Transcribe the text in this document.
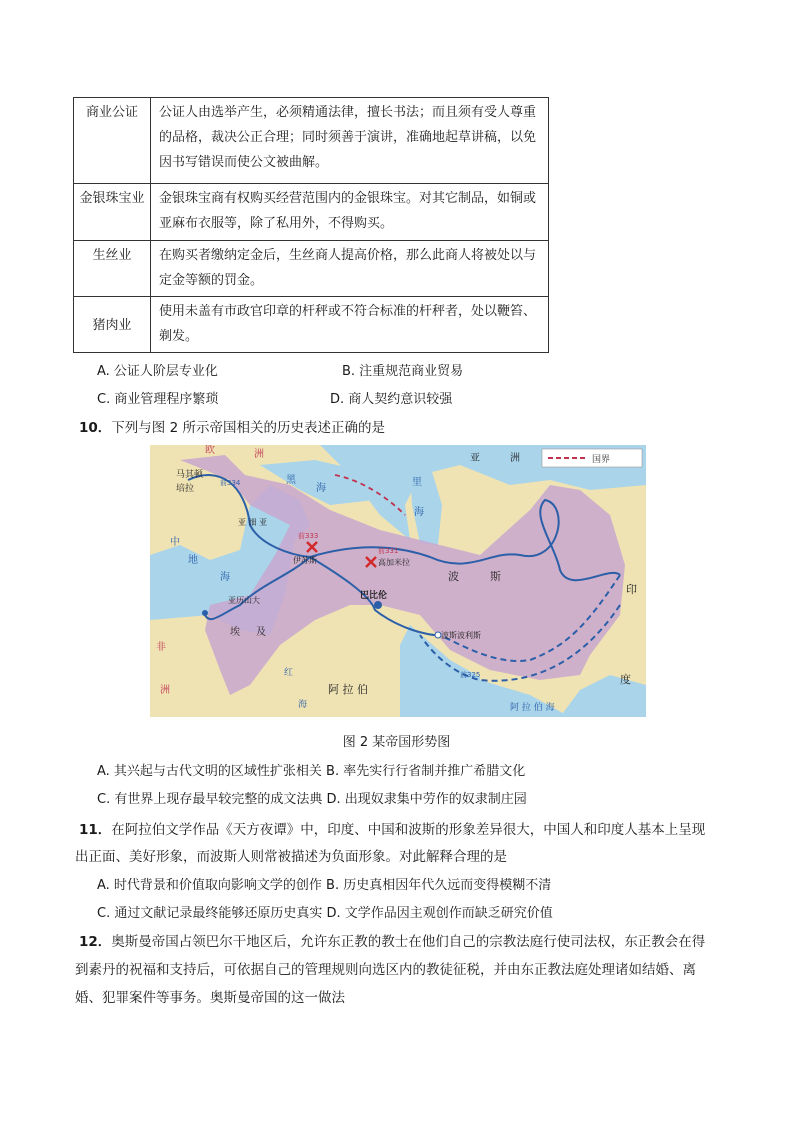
商业公证	公证人由选举产生，必须精通法律，擅长书法；而且须有受人尊重的品格，裁决公正合理；同时须善于演讲，准确地起草讲稿，以免因书写错误而使公文被曲解。
金银珠宝业	金银珠宝商有权购买经营范围内的金银珠宝。对其它制品，如铜或亚麻布衣服等，除了私用外，不得购买。
生丝业	在购买者缴纳定金后，生丝商人提高价格，那么此商人将被处以与定金等额的罚金。
猪肉业	使用未盖有市政官印章的杆秤或不符合标准的杆秤者，处以鞭笞、剃发。
A. 公证人阶层专业化	B. 注重规范商业贸易
C. 商业管理程序繁琐	D. 商人契约意识较强
10．下列与图 2 所示帝国相关的历史表述正确的是
国界
欧	洲
马其顿
培拉
黑
海
里
海
亚	洲
亚 细 亚
中
海
地	伊苏斯	高加米拉
波	斯
亚历山大	巴比伦
波斯波利斯
埃 及
非
洲	阿 拉 伯
红
海	阿 拉 伯 海
印
度
前333
前331
前334
前325
图 2 某帝国形势图
A. 其兴起与古代文明的区域性扩张相关 B. 率先实行行省制并推广希腊文化
C. 有世界上现存最早较完整的成文法典 D. 出现奴隶集中劳作的奴隶制庄园
11．在阿拉伯文学作品《天方夜谭》中，印度、中国和波斯的形象差异很大，中国人和印度人基本上呈现
出正面、美好形象，而波斯人则常被描述为负面形象。对此解释合理的是
A. 时代背景和价值取向影响文学的创作 B. 历史真相因年代久远而变得模糊不清
C. 通过文献记录最终能够还原历史真实 D. 文学作品因主观创作而缺乏研究价值
12．奥斯曼帝国占领巴尔干地区后，允许东正教的教士在他们自己的宗教法庭行使司法权，东正教会在得
到素丹的祝福和支持后，可依据自己的管理规则向选区内的教徒征税，并由东正教法庭处理诸如结婚、离
婚、犯罪案件等事务。奥斯曼帝国的这一做法
